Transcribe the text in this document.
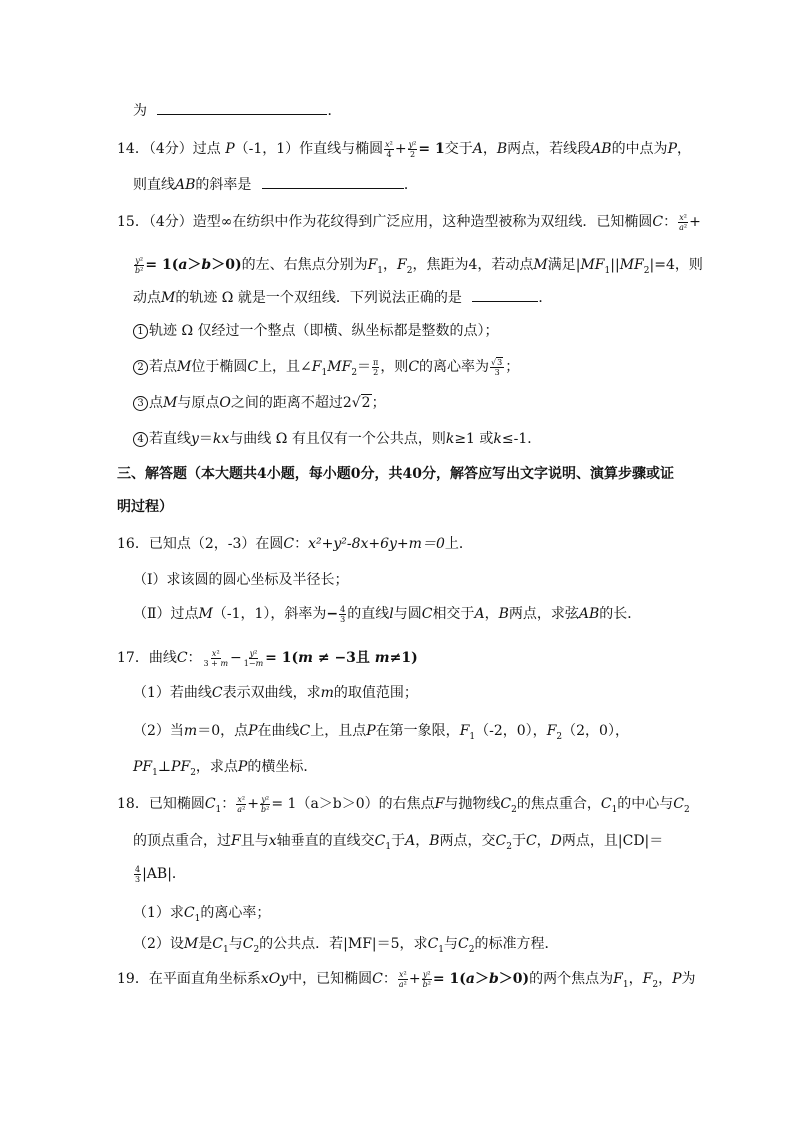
为	．
14．（4分）过点 P（-1，1）作直线与椭圆 $\frac{\text{x²}}{4} + \frac{\text{y²}}{2} = 1$交于A，B两点，若线段AB的中点为P，
则直线AB的斜率是	．
15．（4分）造型∞在纺织中作为花纹得到广泛应用，这种造型被称为双纽线．已知椭圆C： $\frac{\text{x²}}{\text{a²}}$ +
$\frac{\text{y²}}{\text{b²}} = 1(a>b>0)$的左、右焦点分别为$F_1$，$F_2$，焦距为4，若动点M满足$|MF_1||MF_2|=4$，则
动点M的轨迹 Ω 就是一个双纽线．下列说法正确的是	．
1 轨迹 Ω 仅经过一个整点（即横、纵坐标都是整数的点）；
2 若点M位于椭圆C上，且$\angle F_1MF_2= \frac{\pi}{2}$ ，则C的离心率为 $\frac{√3}{3}$ ；
3 点M与原点O之间的距离不超过2√2；
4 若直线y＝kx与曲线 Ω 有且仅有一个公共点，则k≥1 或k≤-1．
三、解答题（本大题共4小题，每小题0分，共40分，解答应写出文字说明、演算步骤或证
明过程）
16．已知点（2，-3）在圆C：x²+y²-8x+6y+m＝0上．
（Ⅰ）求该圆的圆心坐标及半径长；
（Ⅱ）过点M（-1，1），斜率为− $\frac{4}{3}$ 的直线l与圆C相交于A，B两点，求弦AB的长．
17．曲线C： $\frac{\text{x²}}{3 + m} - \frac{\text{y²}}{1-m} = 1(m \ne -3$且 m≠1)
（1）若曲线C表示双曲线，求m的取值范围；
（2）当m＝0，点P在曲线C上，且点P在第一象限，$F_1(-2$，0），$F_2(2$，0），
$PF_1\perp PF_2$，求点P的横坐标．
18．已知椭圆$C_1$： $\frac{\text{x²}}{\text{a²}} + \frac{\text{y²}}{\text{b²}} = 1(a>b>0)$的右焦点F与抛物线$C_2$的焦点重合，$C_1$的中心与$C_2$
的顶点重合，过F且与x轴垂直的直线交$C_1$于A，B两点，交$C_2$于C，D两点，且|CD|＝
$\frac{4}{3} |AB|$．
（1）求$C_1$的离心率；
（2）设M是$C_1$与$C_2$的公共点．若|MF|＝5，求$C_1$与$C_2$的标准方程．
19．在平面直角坐标系xOy中，已知椭圆C： $\frac{\text{x²}}{\text{a²}} + \frac{\text{y²}}{\text{b²}} = 1(a>b>0)$的两个焦点为$F_1$，$F_2$，P为
